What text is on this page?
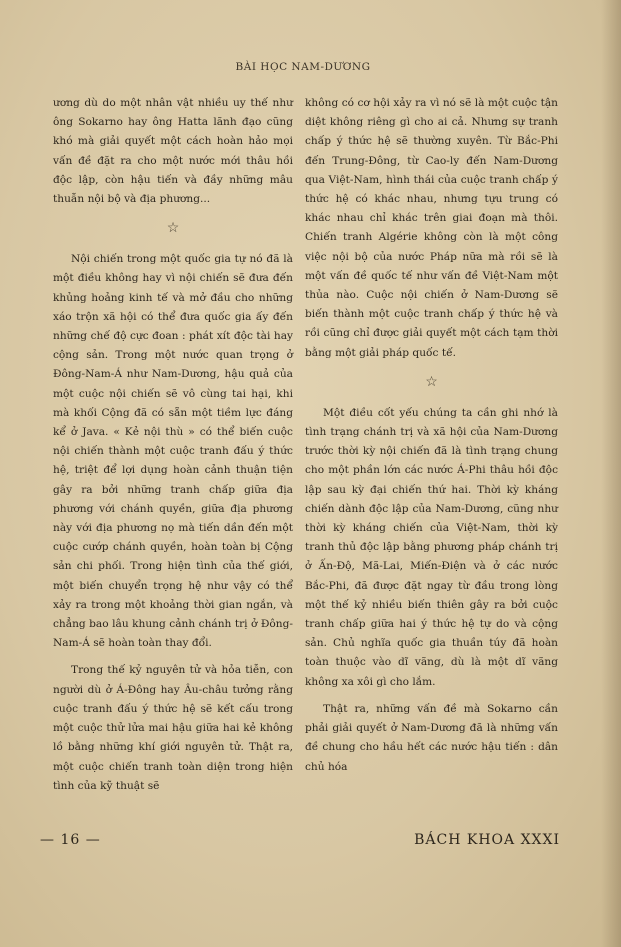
BÀI HỌC NAM-DƯƠNG

ương dù do một nhân vật nhiều uy thế như ông Sokarno hay ông Hatta lãnh đạo cũng khó mà giải quyết một cách hoàn hảo mọi vấn đề đặt ra cho một nước mới thâu hồi độc lập, còn hậu tiến và đầy những mâu thuẫn nội bộ và địa phương...

☆

Nội chiến trong một quốc gia tự nó đã là một điều không hay vì nội chiến sẽ đưa đến khủng hoảng kinh tế và mở đầu cho những xáo trộn xã hội có thể đưa quốc gia ấy đến những chế độ cực đoan : phát xít độc tài hay cộng sản. Trong một nước quan trọng ở Đông-Nam-Á như Nam-Dương, hậu quả của một cuộc nội chiến sẽ vô cùng tai hại, khi mà khối Cộng đã có sẵn một tiềm lực đáng kể ở Java. « Kẻ nội thù » có thể biến cuộc nội chiến thành một cuộc tranh đấu ý thức hệ, triệt để lợi dụng hoàn cảnh thuận tiện gây ra bởi những tranh chấp giữa địa phương với chánh quyền, giữa địa phương này với địa phương nọ mà tiến dần đến một cuộc cướp chánh quyền, hoàn toàn bị Cộng sản chi phối. Trong hiện tình của thế giới, một biến chuyển trọng hệ như vậy có thể xảy ra trong một khoảng thời gian ngắn, và chẳng bao lâu khung cảnh chánh trị ở Đông-Nam-Á sẽ hoàn toàn thay đổi.

Trong thế kỷ nguyên tử và hỏa tiễn, con người dù ở Á-Đông hay Âu-châu tưởng rằng cuộc tranh đấu ý thức hệ sẽ kết cấu trong một cuộc thử lửa mai hậu giữa hai kẻ không lồ bằng những khí giới nguyên tử. Thật ra, một cuộc chiến tranh toàn diện trong hiện tình của kỹ thuật sẽ

không có cơ hội xảy ra vì nó sẽ là một cuộc tận diệt không riêng gì cho ai cả. Nhưng sự tranh chấp ý thức hệ sẽ thường xuyên. Từ Bắc-Phi đến Trung-Đông, từ Cao-ly đến Nam-Dương qua Việt-Nam, hình thái của cuộc tranh chấp ý thức hệ có khác nhau, nhưng tựu trung có khác nhau chỉ khác trên giai đoạn mà thôi. Chiến tranh Algérie không còn là một công việc nội bộ của nước Pháp nữa mà rồi sẽ là một vấn đề quốc tế như vấn đề Việt-Nam một thủa nào. Cuộc nội chiến ở Nam-Dương sẽ biến thành một cuộc tranh chấp ý thức hệ và rồi cũng chỉ được giải quyết một cách tạm thời bằng một giải pháp quốc tế.

☆

Một điều cốt yếu chúng ta cần ghi nhớ là tình trạng chánh trị và xã hội của Nam-Dương trước thời kỳ nội chiến đã là tình trạng chung cho một phần lớn các nước Á-Phi thâu hồi độc lập sau kỳ đại chiến thứ hai. Thời kỳ kháng chiến dành độc lập của Nam-Dương, cũng như thời kỳ kháng chiến của Việt-Nam, thời kỳ tranh thủ độc lập bằng phương pháp chánh trị ở Ấn-Độ, Mã-Lai, Miến-Điện và ở các nước Bắc-Phi, đã được đặt ngay từ đầu trong lòng một thế kỷ nhiều biến thiên gây ra bởi cuộc tranh chấp giữa hai ý thức hệ tự do và cộng sản. Chủ nghĩa quốc gia thuần túy đã hoàn toàn thuộc vào dĩ vãng, dù là một dĩ vãng không xa xôi gì cho lắm.

Thật ra, những vấn đề mà Sokarno cần phải giải quyết ở Nam-Dương đã là những vấn đề chung cho hầu hết các nước hậu tiến : dân chủ hóa

— 16 —	BÁCH KHOA XXXI
